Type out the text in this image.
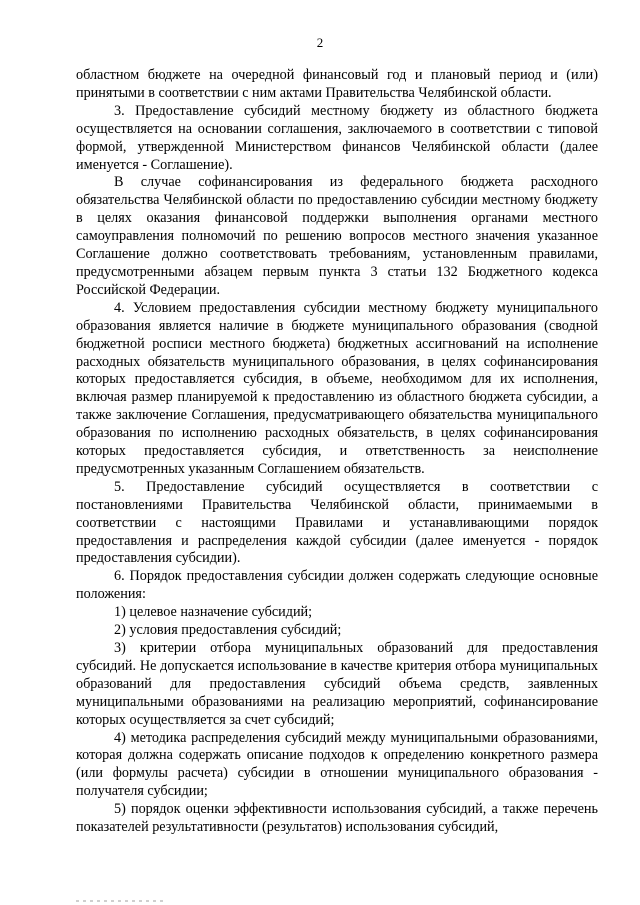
2

областном бюджете на очередной финансовый год и плановый период и (или) принятыми в соответствии с ним актами Правительства Челябинской области.

3. Предоставление субсидий местному бюджету из областного бюджета осуществляется на основании соглашения, заключаемого в соответствии с типовой формой, утвержденной Министерством финансов Челябинской области (далее именуется - Соглашение).

В случае софинансирования из федерального бюджета расходного обязательства Челябинской области по предоставлению субсидии местному бюджету в целях оказания финансовой поддержки выполнения органами местного самоуправления полномочий по решению вопросов местного значения указанное Соглашение должно соответствовать требованиям, установленным правилами, предусмотренными абзацем первым пункта 3 статьи 132 Бюджетного кодекса Российской Федерации.

4. Условием предоставления субсидии местному бюджету муниципального образования является наличие в бюджете муниципального образования (сводной бюджетной росписи местного бюджета) бюджетных ассигнований на исполнение расходных обязательств муниципального образования, в целях софинансирования которых предоставляется субсидия, в объеме, необходимом для их исполнения, включая размер планируемой к предоставлению из областного бюджета субсидии, а также заключение Соглашения, предусматривающего обязательства муниципального образования по исполнению расходных обязательств, в целях софинансирования которых предоставляется субсидия, и ответственность за неисполнение предусмотренных указанным Соглашением обязательств.

5. Предоставление субсидий осуществляется в соответствии с постановлениями Правительства Челябинской области, принимаемыми в соответствии с настоящими Правилами и устанавливающими порядок предоставления и распределения каждой субсидии (далее именуется - порядок предоставления субсидии).

6. Порядок предоставления субсидии должен содержать следующие основные положения:

1) целевое назначение субсидий;

2) условия предоставления субсидий;

3) критерии отбора муниципальных образований для предоставления субсидий. Не допускается использование в качестве критерия отбора муниципальных образований для предоставления субсидий объема средств, заявленных муниципальными образованиями на реализацию мероприятий, софинансирование которых осуществляется за счет субсидий;

4) методика распределения субсидий между муниципальными образованиями, которая должна содержать описание подходов к определению конкретного размера (или формулы расчета) субсидии в отношении муниципального образования - получателя субсидии;

5) порядок оценки эффективности использования субсидий, а также перечень показателей результативности (результатов) использования субсидий,
